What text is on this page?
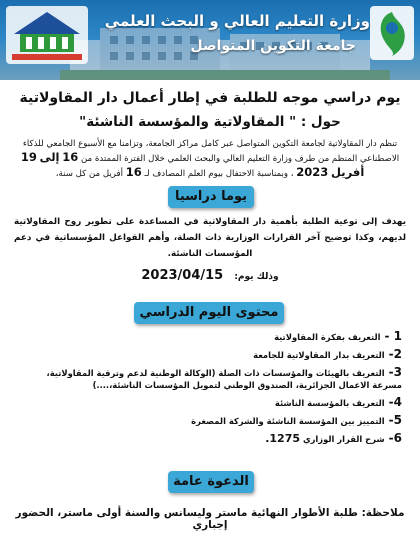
وزارة التعليم العالي و البحث العلمي
جامعة التكوين المتواصل
يوم دراسي موجه للطلبة في إطار أعمال دار المقاولاتية
حول : " المقاولاتية والمؤسسة الناشئة"
تنظم دار المقاولاتية لجامعة التكوين المتواصل عبر كامل مراكز الجامعة، وتزامنا مع الأسبوع الجامعي للذكاء الاصطناعي المنظم من طرف وزارة التعليم العالي والبحث العلمي خلال الفترة الممتدة من 16 إلى 19 أفريل 2023 ، وبمناسبة الاحتفال بيوم العلم المصادف لـ 16 أفريل من كل سنة،
يوما دراسيا
يهدف إلى توعية الطلبة بأهمية دار المقاولاتية في المساعدة على تطوير روح المقاولاتية لديهم، وكذا توضيح آخر القرارات الوزارية ذات الصلة، وأهم القواعل المؤسساتية في دعم المؤسسات الناشئة.
وذلك يوم: 2023/04/15
محتوى اليوم الدراسي
1 -التعريف بفكرة المقاولاتية
2-التعريف بدار المقاولاتية للجامعة
3-التعريف بالهيئات والمؤسسات ذات الصلة (الوكالة الوطنية لدعم وترقية المقاولاتية، مسرعة الاعمال الجزائرية، الصندوق الوطني لتمويل المؤسسات الناشئة،....)
4-التعريف بالمؤسسة الناشئة
5-التمييز بين المؤسسة الناشئة والشركة المصغرة
6-شرح القرار الوزاري 1275.
الدعوة عامة
ملاحظة: طلبة الأطوار النهائية ماستر وليسانس والسنة أولى ماستر، الحضور إجباري
